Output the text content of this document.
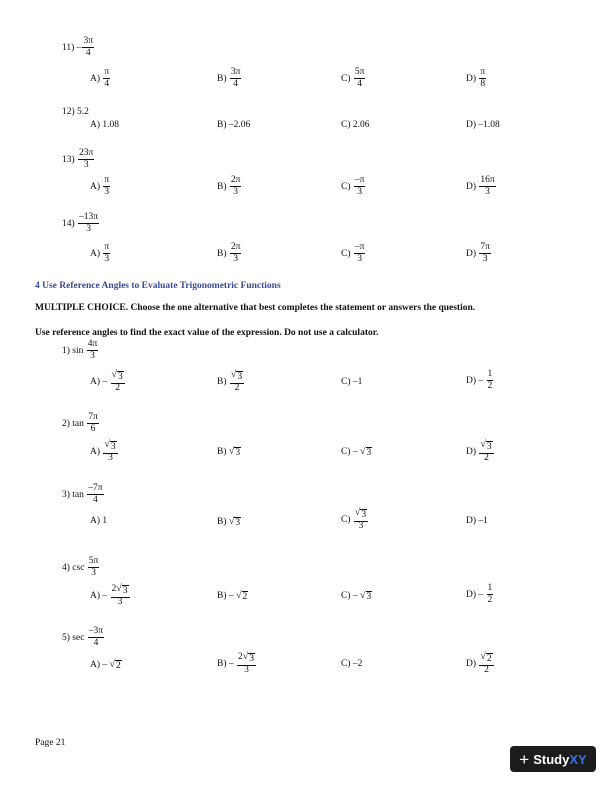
$11) - \frac{3\pi}{4}$
A)
$\frac{\pi}{4}$	B)
$\frac{3\pi}{4}$	C)
$\frac{5\pi}{4}$	D)
$\frac{\pi}{8}$
12) 5.2
A) 1.08	B) –2.06	C) 2.06	D) –1.08
13)
$\frac{23\pi}{3}$
A)
$\frac{\pi}{3}$	B)
$\frac{2\pi}{3}$	C)
$\frac{-\pi}{3}$	D)
$\frac{16\pi}{3}$
14)
$\frac{-13\pi}{3}$
A)
$\frac{\pi}{3}$	B)
$\frac{2\pi}{3}$	C)
$\frac{-\pi}{3}$	D)
$\frac{7\pi}{3}$
4 Use Reference Angles to Evaluate Trigonometric Functions
MULTIPLE CHOICE. Choose the one alternative that best completes the statement or answers the question.
Use reference angles to find the exact value of the expression. Do not use a calculator.
1) sin
$\frac{4\pi}{3}$
A) –
$\frac{√ 3}{2}$	B)
$\frac{√ 3}{2}$	C) –1	D) –
$\frac{1}{2}$
2) tan
$\frac{7\pi}{6}$
A)
$\frac{√ 3}{3}$	B)
√ 3	C) –
√ 3	D)
$\frac{√ 3}{2}$
3) tan
$\frac{-7\pi}{4}$
A) 1	B)
√ 3	C)
$\frac{√ 3}{3}$	D) –1
4) csc
$\frac{5\pi}{3}$
A) –
$\frac{2 √ 3}{3}$	B) –
√ 2	C) –
√ 3	D) –
$\frac{1}{2}$
5) sec
$\frac{-3\pi}{4}$
A) –
√ 2	B) –
$\frac{2 √ 3}{3}$	C) –2	D)
$\frac{√ 2}{2}$
Page 21
+ Study XY
